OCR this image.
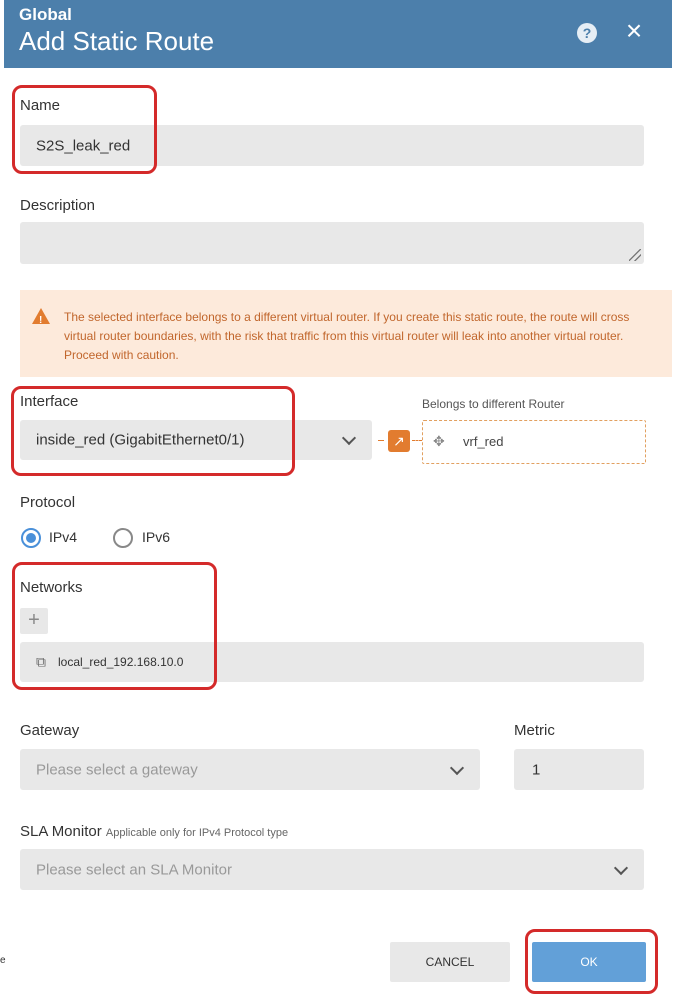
Global
Add Static Route	? ×
Name
S2S_leak_red
Description
! The selected interface belongs to a different virtual router. If you create this static route, the route will cross virtual router boundaries, with the risk that traffic from this virtual router will leak into another virtual router. Proceed with caution.
Interface
inside_red (GigabitEthernet0/1)	↗
Belongs to different Router
✥ vrf_red
Protocol
IPv4	IPv6
Networks
+
⧉ local_red_192.168.10.0
Gateway
Please select a gateway
Metric
1
SLA Monitor Applicable only for IPv4 Protocol type
Please select an SLA Monitor
CANCEL	OK
e
